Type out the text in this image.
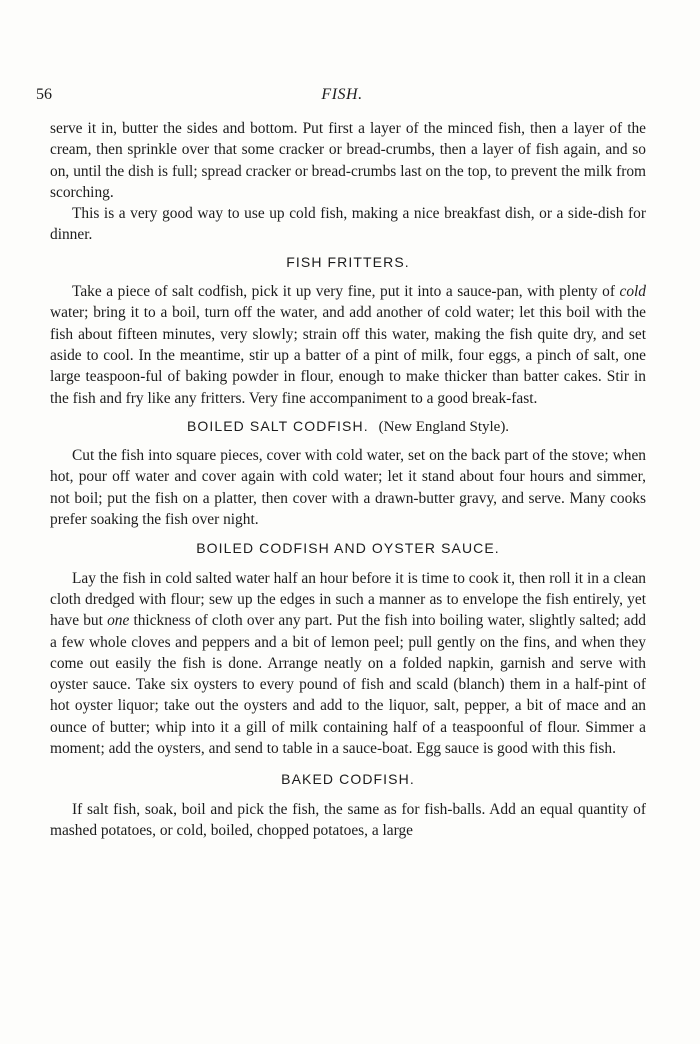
56	FISH.

serve it in, butter the sides and bottom. Put first a layer of the minced fish, then a layer of the cream, then sprinkle over that some cracker or bread-crumbs, then a layer of fish again, and so on, until the dish is full; spread cracker or bread-crumbs last on the top, to prevent the milk from scorching.

This is a very good way to use up cold fish, making a nice breakfast dish, or a side-dish for dinner.

FISH FRITTERS.

Take a piece of salt codfish, pick it up very fine, put it into a sauce-pan, with plenty of cold water; bring it to a boil, turn off the water, and add another of cold water; let this boil with the fish about fifteen minutes, very slowly; strain off this water, making the fish quite dry, and set aside to cool. In the meantime, stir up a batter of a pint of milk, four eggs, a pinch of salt, one large teaspoon-ful of baking powder in flour, enough to make thicker than batter cakes. Stir in the fish and fry like any fritters. Very fine accompaniment to a good break-fast.

BOILED SALT CODFISH. (New England Style).

Cut the fish into square pieces, cover with cold water, set on the back part of the stove; when hot, pour off water and cover again with cold water; let it stand about four hours and simmer, not boil; put the fish on a platter, then cover with a drawn-butter gravy, and serve. Many cooks prefer soaking the fish over night.

BOILED CODFISH AND OYSTER SAUCE.

Lay the fish in cold salted water half an hour before it is time to cook it, then roll it in a clean cloth dredged with flour; sew up the edges in such a manner as to envelope the fish entirely, yet have but one thickness of cloth over any part. Put the fish into boiling water, slightly salted; add a few whole cloves and peppers and a bit of lemon peel; pull gently on the fins, and when they come out easily the fish is done. Arrange neatly on a folded napkin, garnish and serve with oyster sauce. Take six oysters to every pound of fish and scald (blanch) them in a half-pint of hot oyster liquor; take out the oysters and add to the liquor, salt, pepper, a bit of mace and an ounce of butter; whip into it a gill of milk containing half of a teaspoonful of flour. Simmer a moment; add the oysters, and send to table in a sauce-boat. Egg sauce is good with this fish.

BAKED CODFISH.

If salt fish, soak, boil and pick the fish, the same as for fish-balls. Add an equal quantity of mashed potatoes, or cold, boiled, chopped potatoes, a large
